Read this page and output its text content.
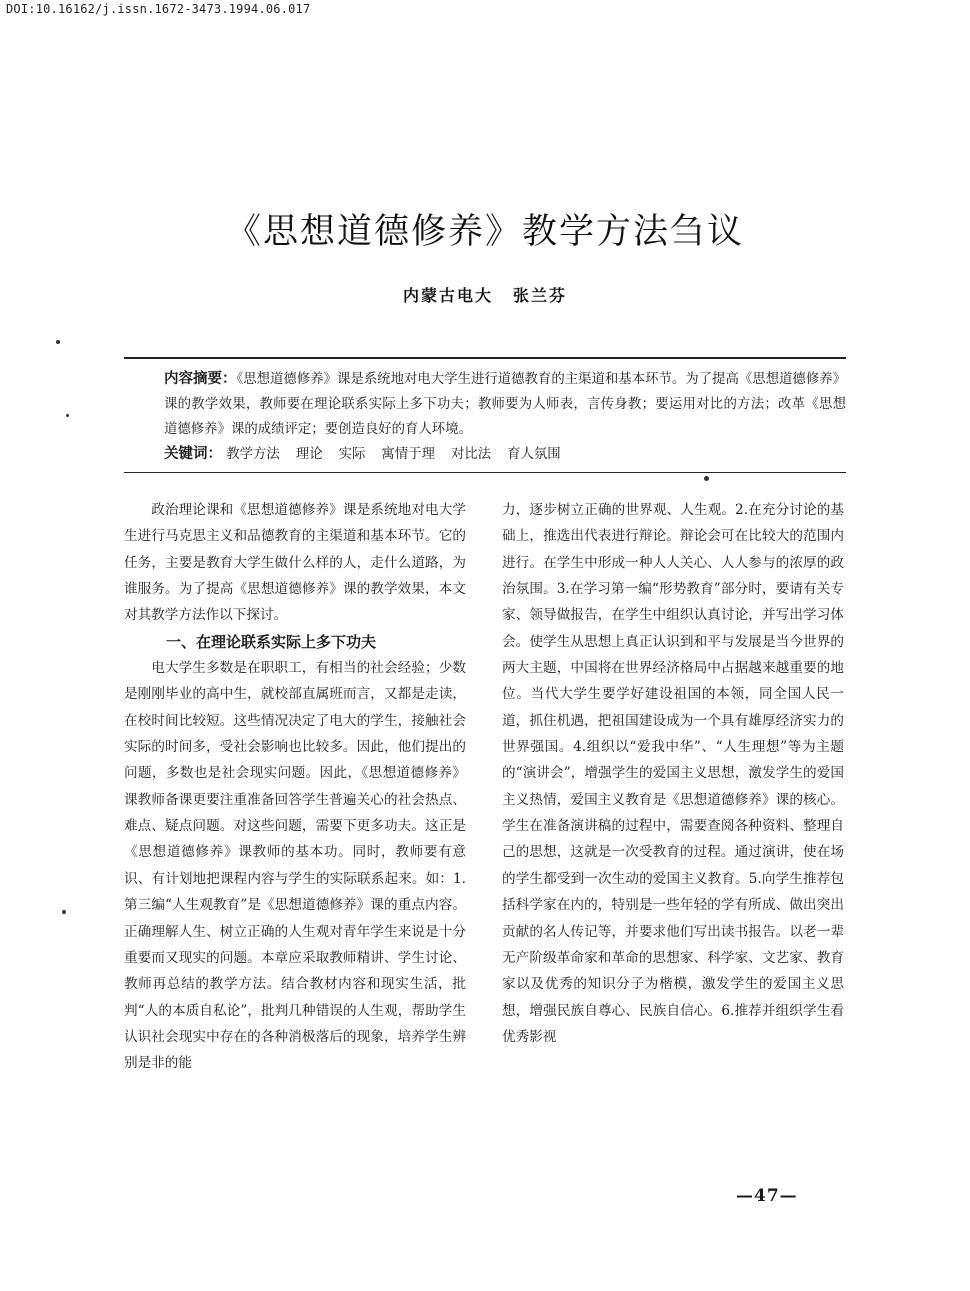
DOI:10.16162/j.issn.1672-3473.1994.06.017
《思想道德修养》教学方法刍议
内蒙古电大 张兰芬

内容摘要：《思想道德修养》课是系统地对电大学生进行道德教育的主渠道和基本环节。为了提高《思想道德修养》课的教学效果，教师要在理论联系实际上多下功夫；教师要为人师表，言传身教；要运用对比的方法；改革《思想道德修养》课的成绩评定；要创造良好的育人环境。

关键词： 教学方法 理论 实际 寓情于理 对比法 育人氛围

政治理论课和《思想道德修养》课是系统地对电大学生进行马克思主义和品德教育的主渠道和基本环节。它的任务，主要是教育大学生做什么样的人，走什么道路，为谁服务。为了提高《思想道德修养》课的教学效果，本文对其教学方法作以下探讨。

一、在理论联系实际上多下功夫

电大学生多数是在职职工，有相当的社会经验；少数是刚刚毕业的高中生，就校部直属班而言，又都是走读，在校时间比较短。这些情况决定了电大的学生，接触社会实际的时间多，受社会影响也比较多。因此，他们提出的问题，多数也是社会现实问题。因此，《思想道德修养》课教师备课更要注重准备回答学生普遍关心的社会热点、难点、疑点问题。对这些问题，需要下更多功夫。这正是《思想道德修养》课教师的基本功。同时，教师要有意识、有计划地把课程内容与学生的实际联系起来。如：1.第三编“人生观教育”是《思想道德修养》课的重点内容。正确理解人生、树立正确的人生观对青年学生来说是十分重要而又现实的问题。本章应采取教师精讲、学生讨论、教师再总结的教学方法。结合教材内容和现实生活，批判“人的本质自私论”，批判几种错误的人生观，帮助学生认识社会现实中存在的各种消极落后的现象，培养学生辨别是非的能

力，逐步树立正确的世界观、人生观。2.在充分讨论的基础上，推选出代表进行辩论。辩论会可在比较大的范围内进行。在学生中形成一种人人关心、人人参与的浓厚的政治氛围。3.在学习第一编“形势教育”部分时，要请有关专家、领导做报告，在学生中组织认真讨论，并写出学习体会。使学生从思想上真正认识到和平与发展是当今世界的两大主题，中国将在世界经济格局中占据越来越重要的地位。当代大学生要学好建设祖国的本领，同全国人民一道，抓住机遇，把祖国建设成为一个具有雄厚经济实力的世界强国。4.组织以“爱我中华”、“人生理想”等为主题的“演讲会”，增强学生的爱国主义思想，激发学生的爱国主义热情，爱国主义教育是《思想道德修养》课的核心。学生在准备演讲稿的过程中，需要查阅各种资料、整理自己的思想，这就是一次受教育的过程。通过演讲，使在场的学生都受到一次生动的爱国主义教育。5.向学生推荐包括科学家在内的，特别是一些年轻的学有所成、做出突出贡献的名人传记等，并要求他们写出读书报告。以老一辈无产阶级革命家和革命的思想家、科学家、文艺家、教育家以及优秀的知识分子为楷模，激发学生的爱国主义思想，增强民族自尊心、民族自信心。6.推荐并组织学生看优秀影视

—47—
